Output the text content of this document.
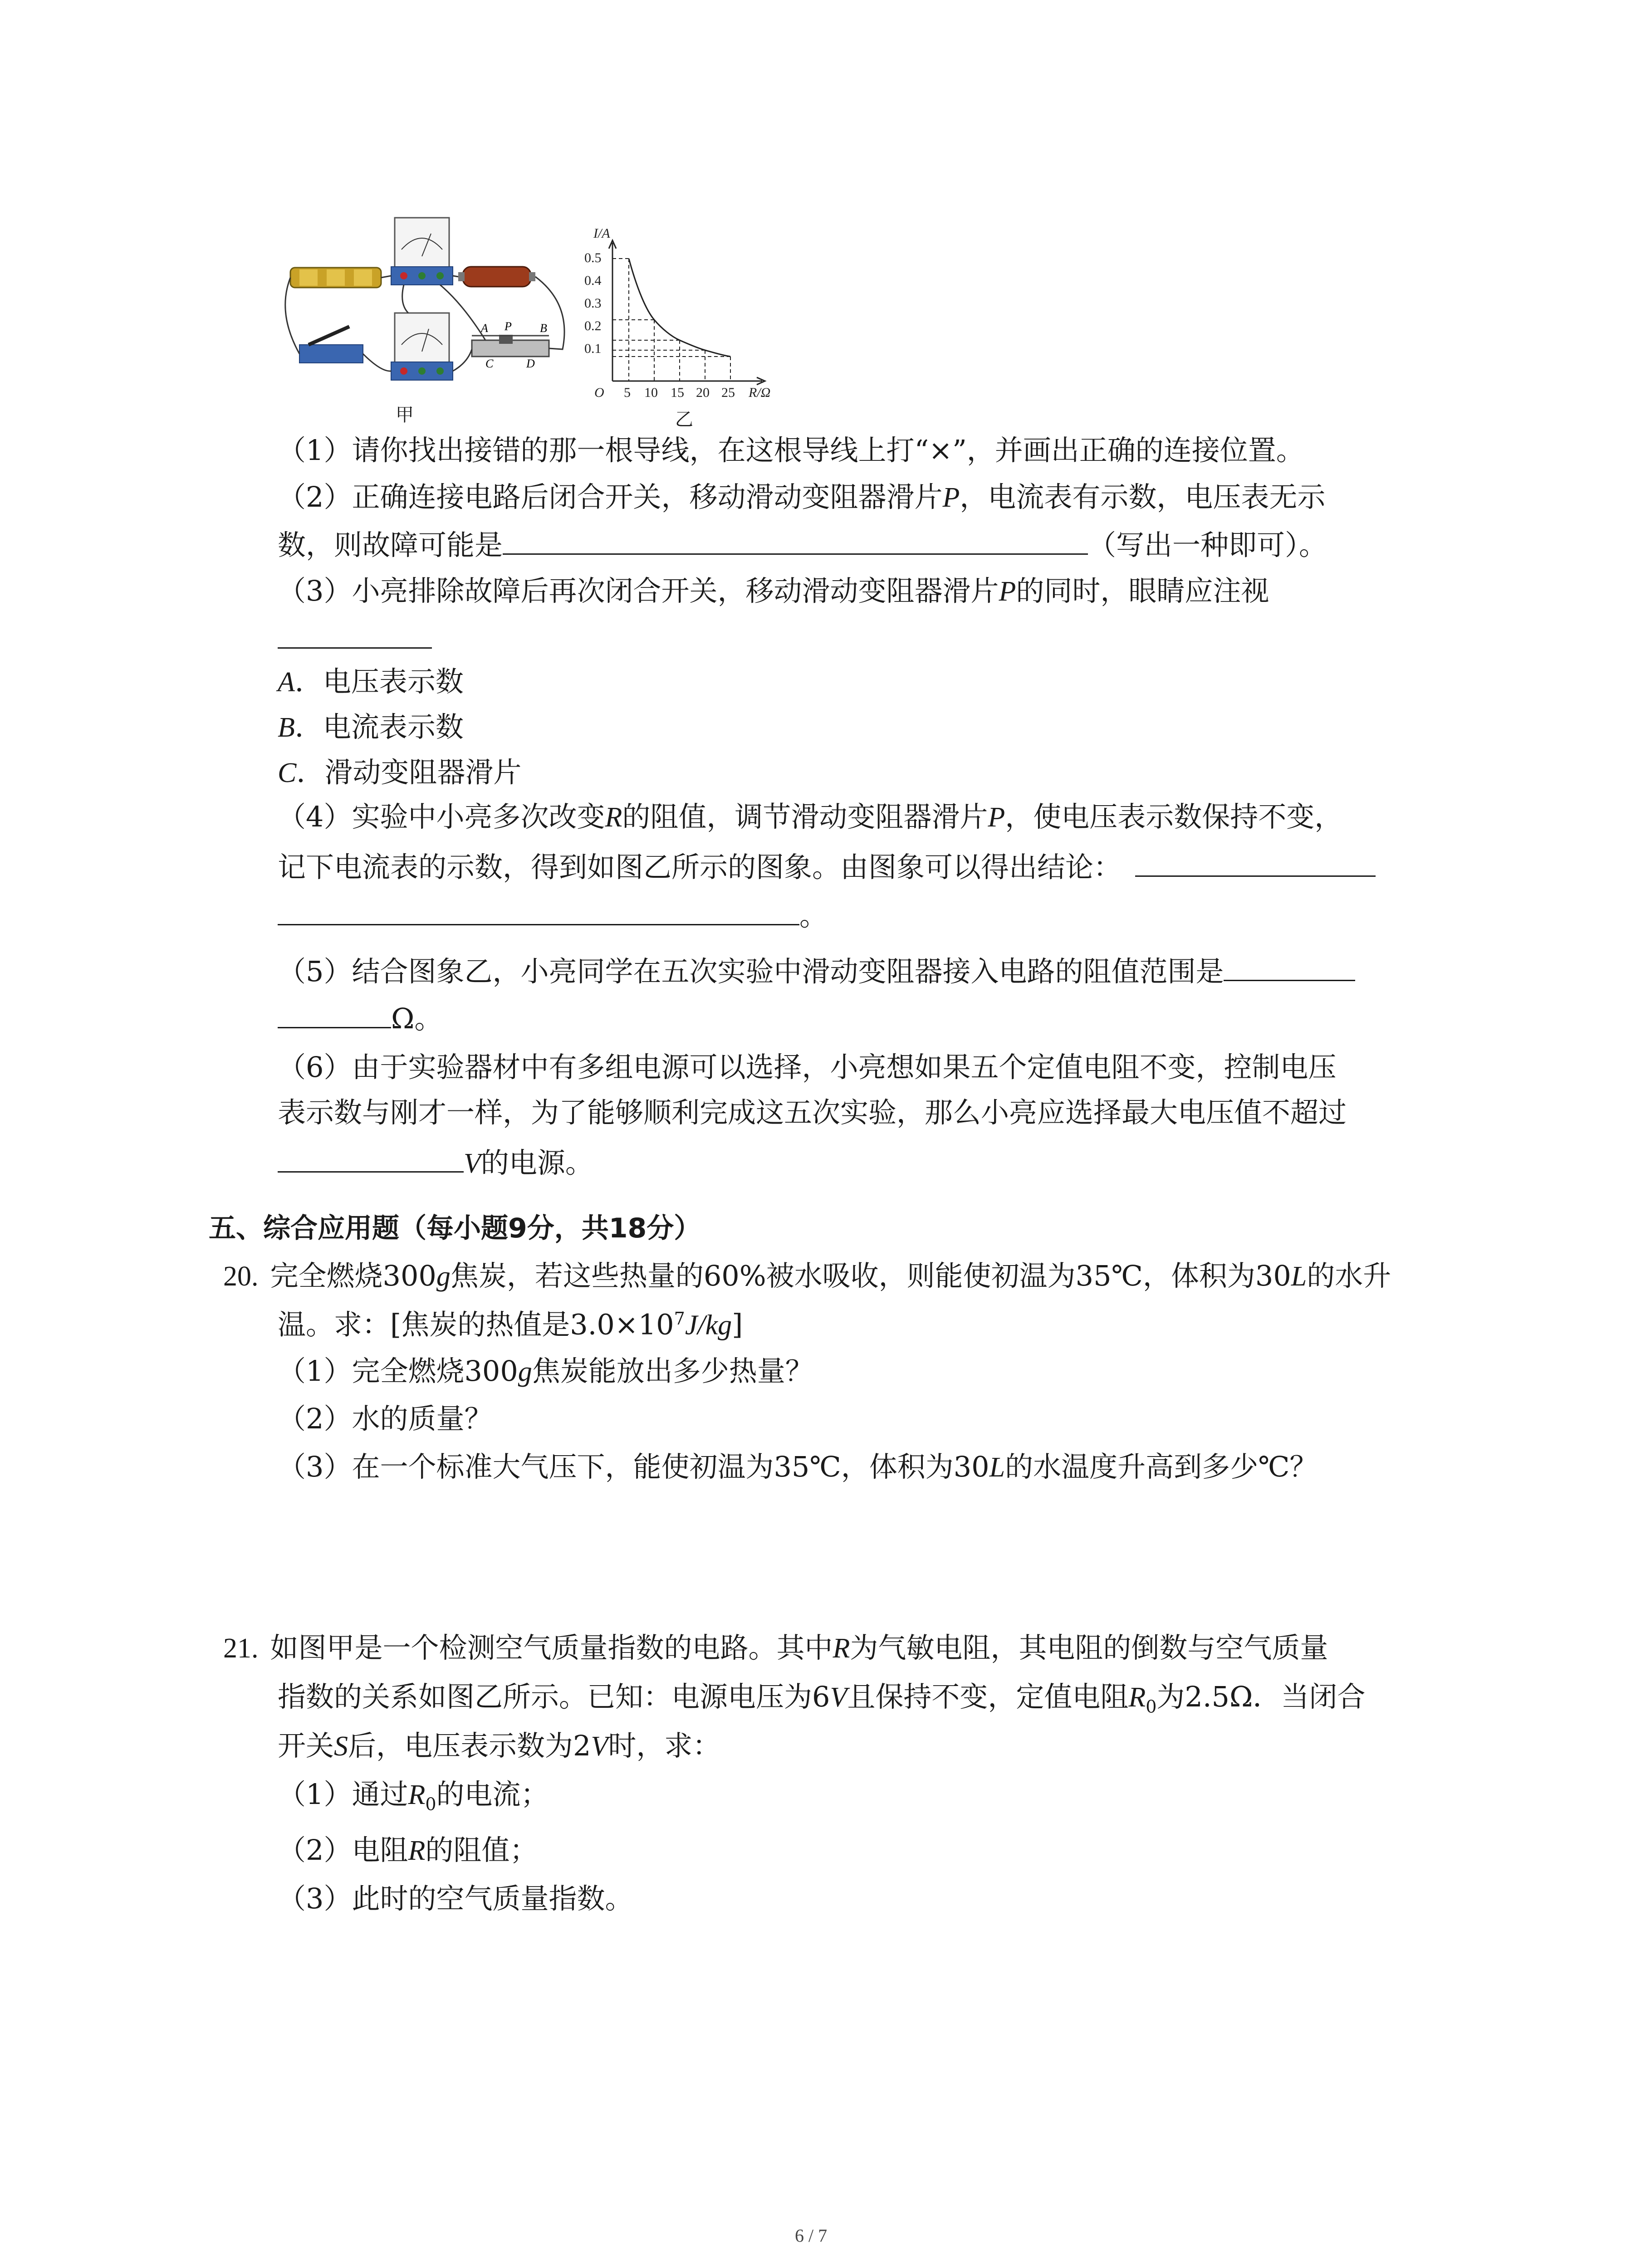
A P B
C	D
甲
I/A
R/Ω
O
0.5
0.4
0.3
0.2
0.1
5 10 15 20 25
乙
（1）请你找出接错的那一根导线，在这根导线上打“×”，并画出正确的连接位置。
（2）正确连接电路后闭合开关，移动滑动变阻器滑片P，电流表有示数，电压表无示
数，则故障可能是	（写出一种即可）。
（3）小亮排除故障后再次闭合开关，移动滑动变阻器滑片P的同时，眼睛应注视
A．电压表示数
B．电流表示数
C．滑动变阻器滑片
（4）实验中小亮多次改变R的阻值，调节滑动变阻器滑片P，使电压表示数保持不变，
记下电流表的示数，得到如图乙所示的图象。由图象可以得出结论：
。
（5）结合图象乙，小亮同学在五次实验中滑动变阻器接入电路的阻值范围是
Ω。
（6）由于实验器材中有多组电源可以选择，小亮想如果五个定值电阻不变，控制电压
表示数与刚才一样，为了能够顺利完成这五次实验，那么小亮应选择最大电压值不超过
V的电源。
五、综合应用题（每小题9分，共18分）
20. 完全燃烧300g焦炭，若这些热量的60%被水吸收，则能使初温为35℃，体积为30L的水升
温。求：[焦炭的热值是$3.0\times 10^7J/kg$]
（1）完全燃烧300g焦炭能放出多少热量？
（2）水的质量？
（3）在一个标准大气压下，能使初温为35℃，体积为30L的水温度升高到多少℃？
21. 如图甲是一个检测空气质量指数的电路。其中R为气敏电阻，其电阻的倒数与空气质量
指数的关系如图乙所示。已知：电源电压为6V且保持不变，定值电阻$R_0$为2.5Ω．当闭合
开关S后，电压表示数为2V时，求：
（1）通过$R_0$的电流；
（2）电阻R的阻值；
（3）此时的空气质量指数。
6 / 7
